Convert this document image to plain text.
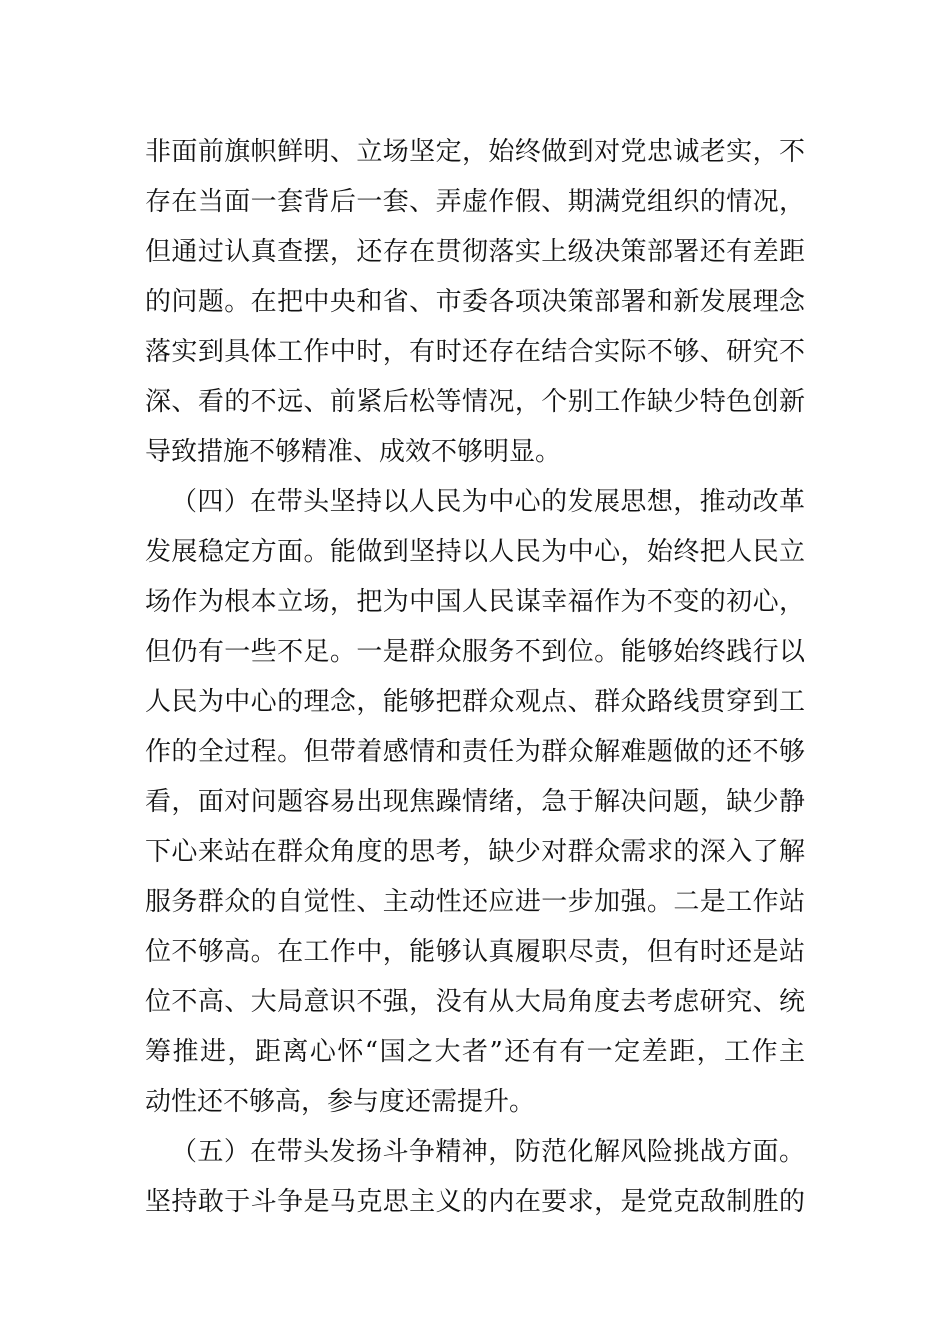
非面前旗帜鲜明、立场坚定，始终做到对党忠诚老实，不
存在当面一套背后一套、弄虚作假、期满党组织的情况，
但通过认真查摆，还存在贯彻落实上级决策部署还有差距
的问题。在把中央和省、市委各项决策部署和新发展理念
落实到具体工作中时，有时还存在结合实际不够、研究不
深、看的不远、前紧后松等情况，个别工作缺少特色创新
导致措施不够精准、成效不够明显。
（四）在带头坚持以人民为中心的发展思想，推动改革
发展稳定方面。能做到坚持以人民为中心，始终把人民立
场作为根本立场，把为中国人民谋幸福作为不变的初心，
但仍有一些不足。一是群众服务不到位。能够始终践行以
人民为中心的理念，能够把群众观点、群众路线贯穿到工
作的全过程。但带着感情和责任为群众解难题做的还不够
看，面对问题容易出现焦躁情绪，急于解决问题，缺少静
下心来站在群众角度的思考，缺少对群众需求的深入了解
服务群众的自觉性、主动性还应进一步加强。二是工作站
位不够高。在工作中，能够认真履职尽责，但有时还是站
位不高、大局意识不强，没有从大局角度去考虑研究、统
筹推进，距离心怀“国之大者”还有有一定差距，工作主
动性还不够高，参与度还需提升。
（五）在带头发扬斗争精神，防范化解风险挑战方面。
坚持敢于斗争是马克思主义的内在要求，是党克敌制胜的
